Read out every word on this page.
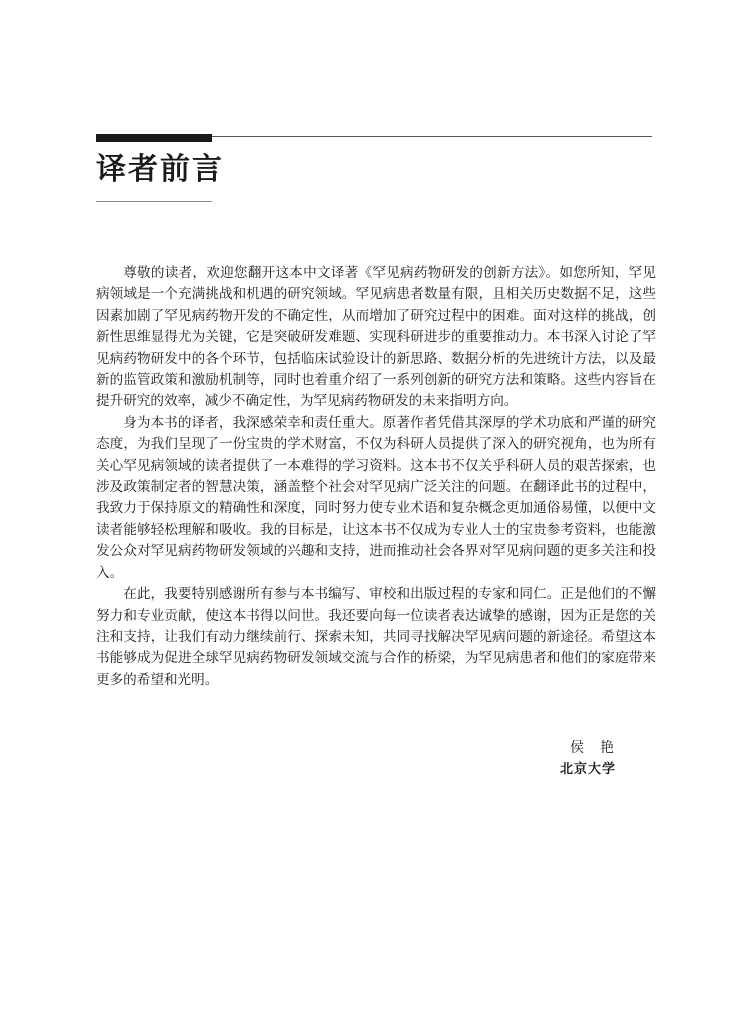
译者前言

尊敬的读者，欢迎您翻开这本中文译著《罕见病药物研发的创新方法》。如您所知，罕见病领域是一个充满挑战和机遇的研究领域。罕见病患者数量有限，且相关历史数据不足，这些因素加剧了罕见病药物开发的不确定性，从而增加了研究过程中的困难。面对这样的挑战，创新性思维显得尤为关键，它是突破研发难题、实现科研进步的重要推动力。本书深入讨论了罕见病药物研发中的各个环节，包括临床试验设计的新思路、数据分析的先进统计方法，以及最新的监管政策和激励机制等，同时也着重介绍了一系列创新的研究方法和策略。这些内容旨在提升研究的效率，减少不确定性，为罕见病药物研发的未来指明方向。

身为本书的译者，我深感荣幸和责任重大。原著作者凭借其深厚的学术功底和严谨的研究态度，为我们呈现了一份宝贵的学术财富，不仅为科研人员提供了深入的研究视角，也为所有关心罕见病领域的读者提供了一本难得的学习资料。这本书不仅关乎科研人员的艰苦探索，也涉及政策制定者的智慧决策，涵盖整个社会对罕见病广泛关注的问题。在翻译此书的过程中，我致力于保持原文的精确性和深度，同时努力使专业术语和复杂概念更加通俗易懂，以便中文读者能够轻松理解和吸收。我的目标是，让这本书不仅成为专业人士的宝贵参考资料，也能激发公众对罕见病药物研发领域的兴趣和支持，进而推动社会各界对罕见病问题的更多关注和投入。

在此，我要特别感谢所有参与本书编写、审校和出版过程的专家和同仁。正是他们的不懈努力和专业贡献，使这本书得以问世。我还要向每一位读者表达诚挚的感谢，因为正是您的关注和支持，让我们有动力继续前行、探索未知，共同寻找解决罕见病问题的新途径。希望这本书能够成为促进全球罕见病药物研发领域交流与合作的桥梁，为罕见病患者和他们的家庭带来更多的希望和光明。

侯艳
北京大学
